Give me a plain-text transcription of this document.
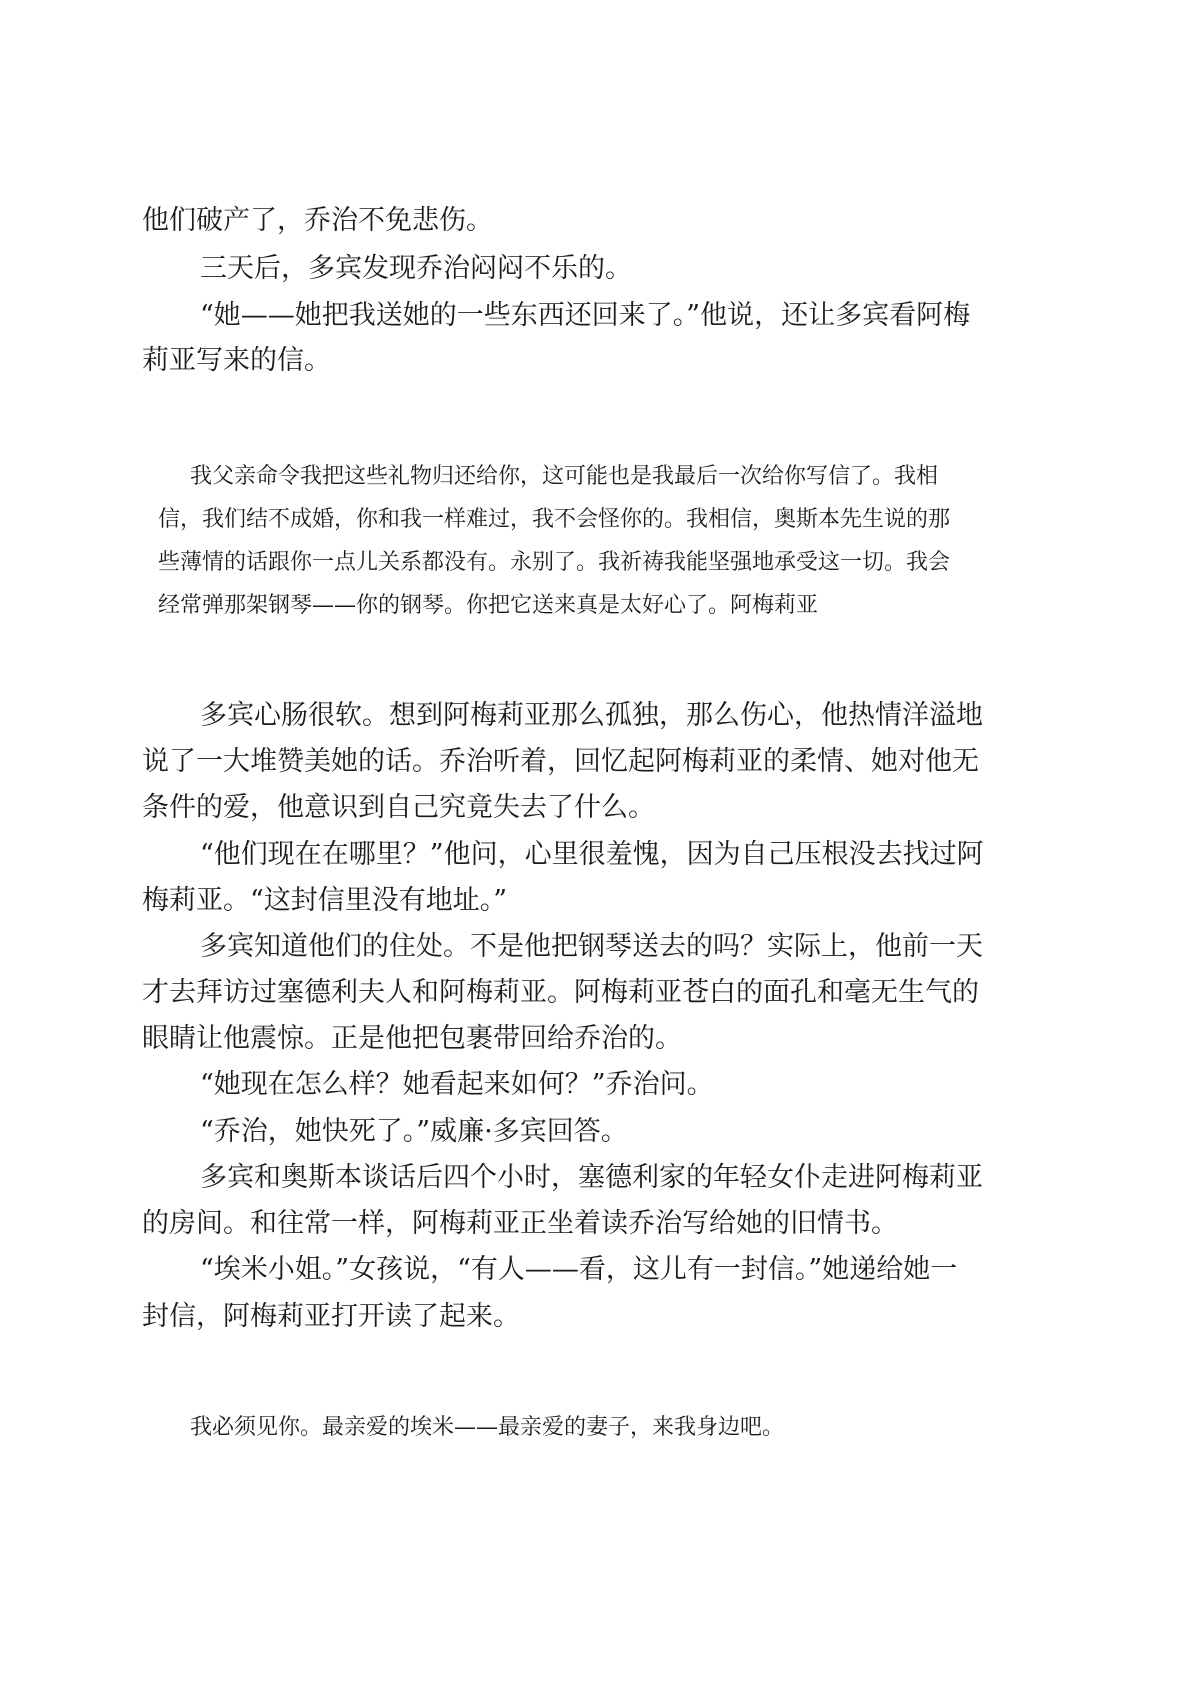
他们破产了，乔治不免悲伤。

三天后，多宾发现乔治闷闷不乐的。

“她——她把我送她的一些东西还回来了。”他说，还让多宾看阿梅

莉亚写来的信。

我父亲命令我把这些礼物归还给你，这可能也是我最后一次给你写信了。我相

信，我们结不成婚，你和我一样难过，我不会怪你的。我相信，奥斯本先生说的那

些薄情的话跟你一点儿关系都没有。永别了。我祈祷我能坚强地承受这一切。我会

经常弹那架钢琴——你的钢琴。你把它送来真是太好心了。阿梅莉亚

多宾心肠很软。想到阿梅莉亚那么孤独，那么伤心，他热情洋溢地

说了一大堆赞美她的话。乔治听着，回忆起阿梅莉亚的柔情、她对他无

条件的爱，他意识到自己究竟失去了什么。

“他们现在在哪里？”他问，心里很羞愧，因为自己压根没去找过阿

梅莉亚。“这封信里没有地址。”

多宾知道他们的住处。不是他把钢琴送去的吗？实际上，他前一天

才去拜访过塞德利夫人和阿梅莉亚。阿梅莉亚苍白的面孔和毫无生气的

眼睛让他震惊。正是他把包裹带回给乔治的。

“她现在怎么样？她看起来如何？”乔治问。

“乔治，她快死了。”威廉·多宾回答。

多宾和奥斯本谈话后四个小时，塞德利家的年轻女仆走进阿梅莉亚

的房间。和往常一样，阿梅莉亚正坐着读乔治写给她的旧情书。

“埃米小姐。”女孩说，“有人——看，这儿有一封信。”她递给她一

封信，阿梅莉亚打开读了起来。

我必须见你。最亲爱的埃米——最亲爱的妻子，来我身边吧。
